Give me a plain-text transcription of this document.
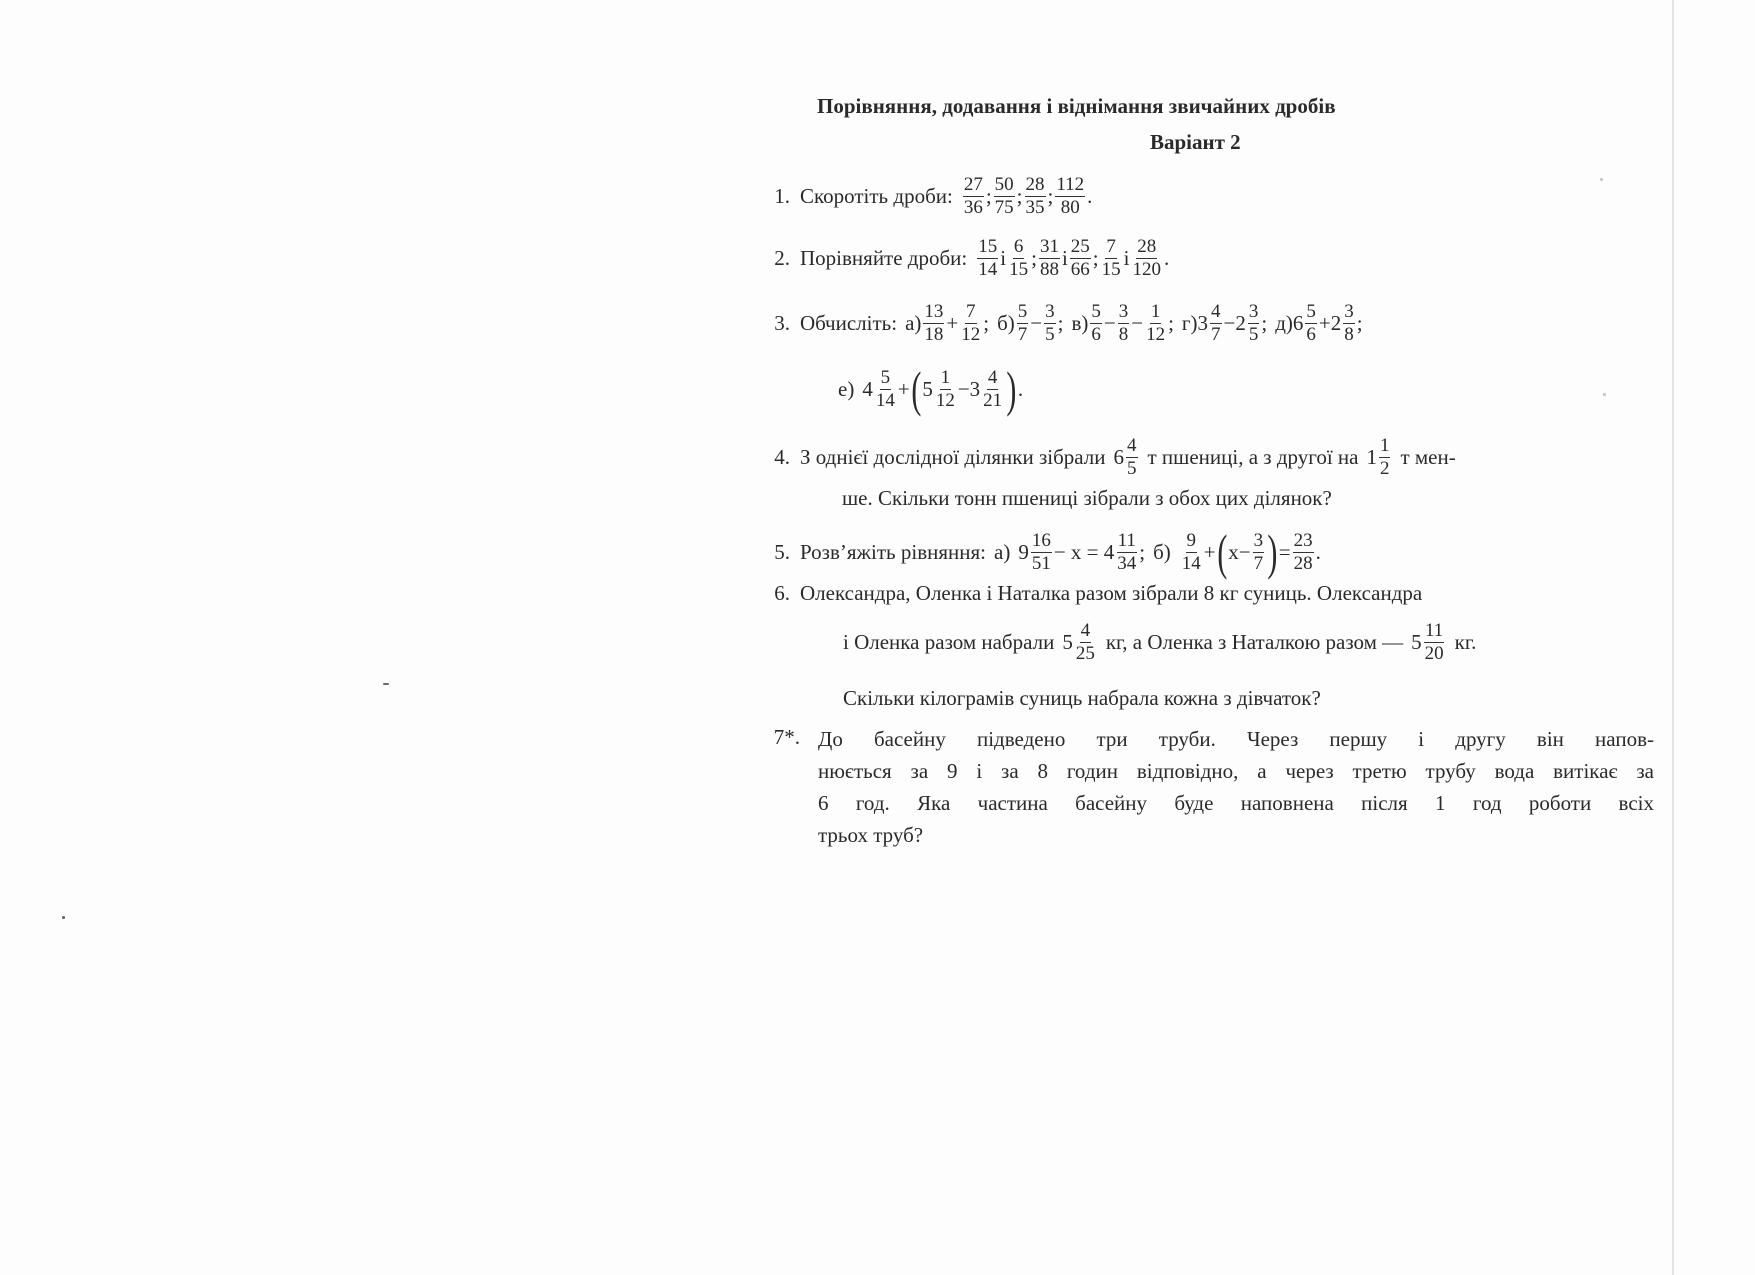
Порівняння, додавання і віднімання звичайних дробів
Варіант 2
1. Скоротіть дроби: $\frac{27}{36}$ ; $\frac{50}{75}$ ; $\frac{28}{35}$ ; $\frac{112}{80}$ .
2. Порівняйте дроби: $\frac{15}{14}$ і $\frac{6}{15}$ ; $\frac{31}{88}$ і $\frac{25}{66}$ ; $\frac{7}{15}$ і $\frac{28}{120}$ .
3. Обчисліть: $а) \frac{13}{18} + \frac{7}{12}$ ; $б) \frac{5}{7} - \frac{3}{5}$ ; $в) \frac{5}{6} - \frac{3}{8} - \frac{1}{12}$ ; г) $3 \frac{4}{7} - 2 \frac{3}{5}$ ; д) $6 \frac{5}{6} + 2 \frac{3}{8}$ ;
е) $4 \frac{5}{14}$ + ( $5 \frac{1}{12} - 3 \frac{4}{21}$ ) .
4. З однієї дослідної ділянки зібрали $6 \frac{4}{5}$ т пшениці, а з другої на $1 \frac{1}{2}$ т мен-
ше. Скільки тонн пшениці зібрали з обох цих ділянок?
5. Розв’яжіть рівняння: а) $9 \frac{16}{51} - x = 4 \frac{11}{34}$ ; $б) \frac{9}{14}$ + ( $x - \frac{3}{7}$ ) = $\frac{23}{28}$ .
6. Олександра, Оленка і Наталка разом зібрали 8 кг суниць. Олександра
і Оленка разом набрали $5 \frac{4}{25}$ кг, а Оленка з Наталкою разом — $5 \frac{11}{20}$ кг.
Скільки кілограмів суниць набрала кожна з дівчаток?
7*. До басейну підведено три труби. Через першу і другу він напов-
нюється за 9 і за 8 годин відповідно, а через третю трубу вода витікає за
6 год. Яка частина басейну буде наповнена після 1 год роботи всіх
трьох труб?
